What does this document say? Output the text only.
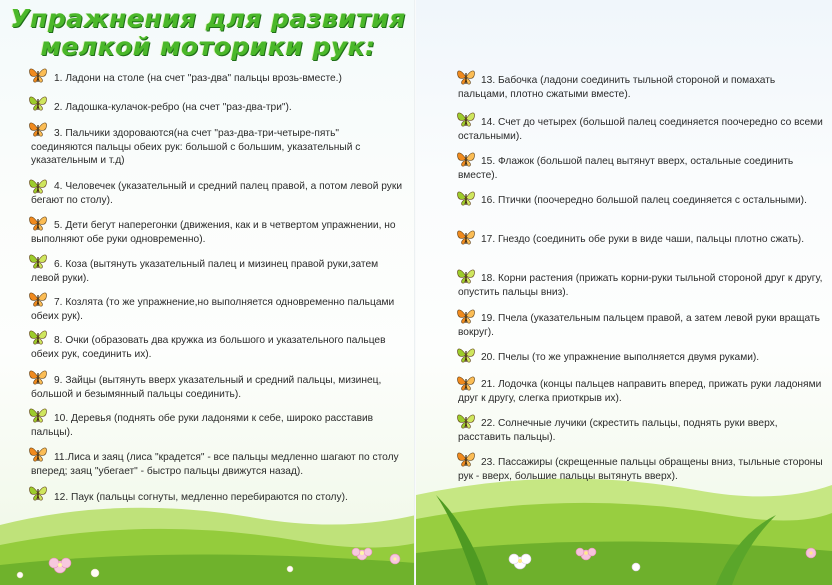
Упражнения для развития
мелкой моторики рук:
1. Ладони на столе (на счет "раз-два" пальцы врозь-вместе.)
2. Ладошка-кулачок-ребро (на счет "раз-два-три").
3. Пальчики здороваются(на счет "раз-два-три-четыре-пять" соединяются пальцы обеих рук: большой с большим, указательный с указательным и т.д)
4. Человечек (указательный и средний палец правой, а потом левой руки бегают по столу).
5. Дети бегут наперегонки (движения, как и в четвертом упражнении, но выполняют обе руки одновременно).
6. Коза (вытянуть указательный палец и мизинец правой руки,затем левой руки).
7. Козлята (то же упражнение,но выполняется одновременно пальцами обеих рук).
8. Очки (образовать два кружка из большого и указательного пальцев обеих рук, соединить их).
9. Зайцы (вытянуть вверх указательный и средний пальцы, мизинец, большой и безымянный пальцы соединить).
10. Деревья (поднять обе руки ладонями к себе, широко расставив пальцы).
11.Лиса и заяц (лиса "крадется" - все пальцы медленно шагают по столу вперед; заяц "убегает" - быстро пальцы движутся назад).
12. Паук (пальцы согнуты, медленно перебираются по столу).
13. Бабочка (ладони соединить тыльной стороной и помахать пальцами, плотно сжатыми вместе).
14. Счет до четырех (большой палец соединяется поочередно со всеми остальными).
15. Флажок (большой палец вытянут вверх, остальные соединить вместе).
16. Птички (поочередно большой палец соединяется с остальными).
17. Гнездо (соединить обе руки в виде чаши, пальцы плотно сжать).
18. Корни растения (прижать корни-руки тыльной стороной друг к другу, опустить пальцы вниз).
19. Пчела (указательным пальцем правой, а затем левой руки вращать вокруг).
20. Пчелы (то же упражнение выполняется двумя руками).
21. Лодочка (концы пальцев направить вперед, прижать руки ладонями друг к другу, слегка приоткрыв их).
22. Солнечные лучики (скрестить пальцы, поднять руки вверх, расставить пальцы).
23. Пассажиры (скрещенные пальцы обращены вниз, тыльные стороны рук - вверх, большие пальцы вытянуть вверх).
